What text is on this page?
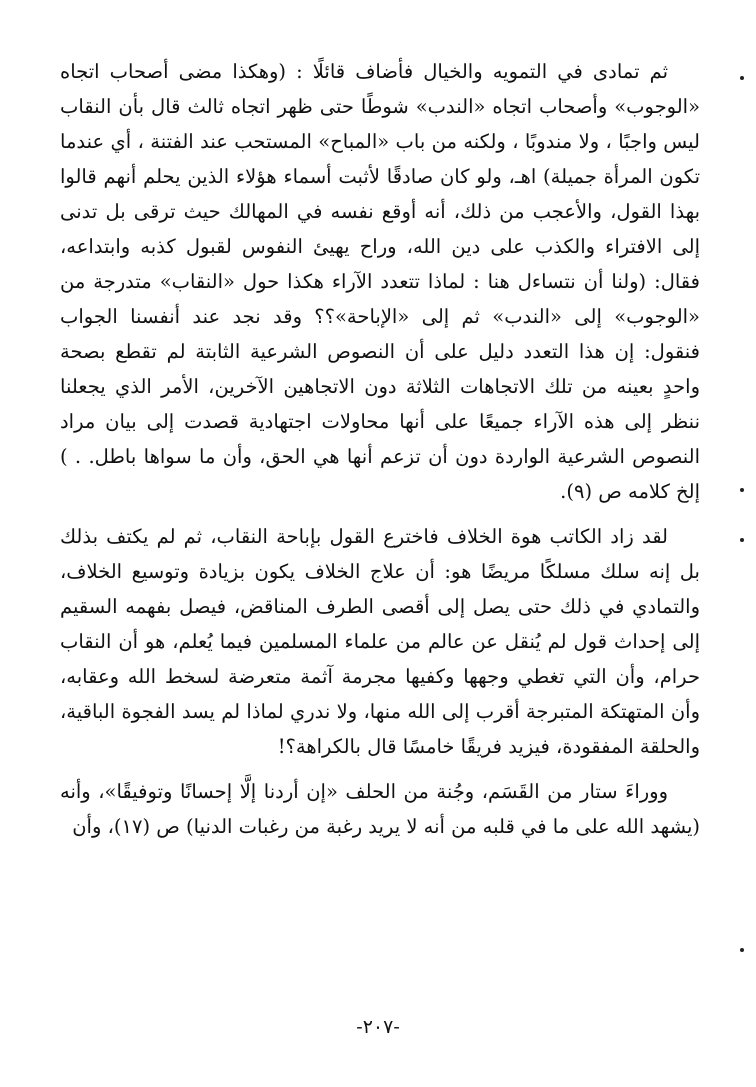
ثم تمادى في التمويه والخيال فأضاف قائلًا : (وهكذا مضى أصحاب اتجاه «الوجوب» وأصحاب اتجاه «الندب» شوطًا حتى ظهر اتجاه ثالث قال بأن النقاب ليس واجبًا ، ولا مندوبًا ، ولكنه من باب «المباح» المستحب عند الفتنة ، أي عندما تكون المرأة جميلة) اهـ، ولو كان صادقًا لأثبت أسماء هؤلاء الذين يحلم أنهم قالوا بهذا القول، والأعجب من ذلك، أنه أوقع نفسه في المهالك حيث ترقى بل تدنى إلى الافتراء والكذب على دين الله، وراح يهيئ النفوس لقبول كذبه وابتداعه، فقال: (ولنا أن نتساءل هنا : لماذا تتعدد الآراء هكذا حول «النقاب» متدرجة من «الوجوب» إلى «الندب» ثم إلى «الإباحة»؟؟ وقد نجد عند أنفسنا الجواب فنقول: إن هذا التعدد دليل على أن النصوص الشرعية الثابتة لم تقطع بصحة واحدٍ بعينه من تلك الاتجاهات الثلاثة دون الاتجاهين الآخرين، الأمر الذي يجعلنا ننظر إلى هذه الآراء جميعًا على أنها محاولات اجتهادية قصدت إلى بيان مراد النصوص الشرعية الواردة دون أن تزعم أنها هي الحق، وأن ما سواها باطل. . ) إلخ كلامه ص (٩).

لقد زاد الكاتب هوة الخلاف فاخترع القول بإباحة النقاب، ثم لم يكتف بذلك بل إنه سلك مسلكًا مريضًا هو: أن علاج الخلاف يكون بزيادة وتوسيع الخلاف، والتمادي في ذلك حتى يصل إلى أقصى الطرف المناقض، فيصل بفهمه السقيم إلى إحداث قول لم يُنقل عن عالم من علماء المسلمين فيما يُعلم، هو أن النقاب حرام، وأن التي تغطي وجهها وكفيها مجرمة آثمة متعرضة لسخط الله وعقابه، وأن المتهتكة المتبرجة أقرب إلى الله منها، ولا ندري لماذا لم يسد الفجوة الباقية، والحلقة المفقودة، فيزيد فريقًا خامسًا قال بالكراهة؟!

ووراءَ ستار من القَسَم، وجُنة من الحلف «إن أردنا إلَّا إحسانًا وتوفيقًا»، وأنه (يشهد الله على ما في قلبه من أنه لا يريد رغبة من رغبات الدنيا) ص (١٧)، وأن

-٢٠٧-
